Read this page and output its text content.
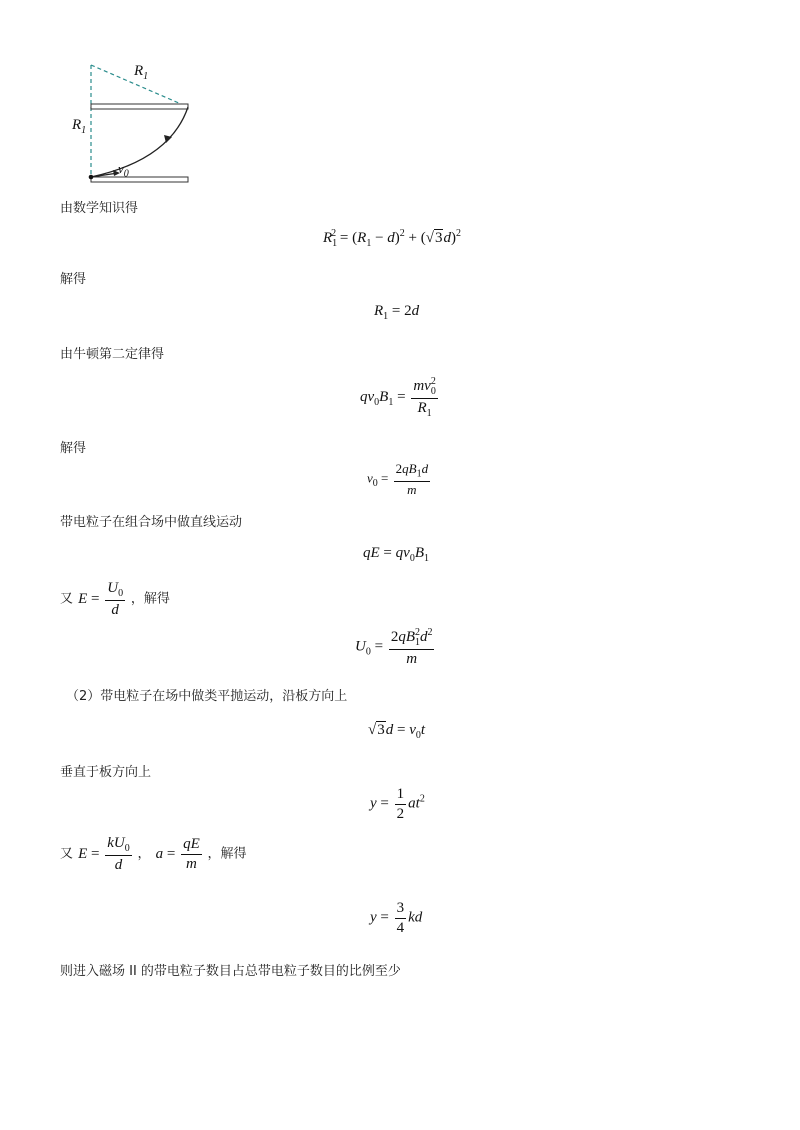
$R_1$
$R_1$
$v_0$
由数学知识得
$R_1^2 = (R_1 - d)^2 + (√3d)^2$
解得
$R_1 = 2d$
由牛顿第二定律得
$qv_0B_1 = \frac{mv_0^2}{R_1}$
解得
$v_0 = \frac{2qB_1d}{m}$
带电粒子在组合场中做直线运动
qE = $qv_0B_1$
又 $E = \frac{U_0}{d}$ ，解得
$U_0 = \frac{2qB_1^2d^2}{m}$
（2）带电粒子在场中做类平抛运动，沿板方向上
$√3d = v_0t$
垂直于板方向上
$y = \frac{1}{2} at^2$
又 $E = \frac{kU_0}{d}$ ， $a = \frac{qE}{m}$ ，解得
$y = \frac{3}{4}$ kd
则进入磁场 II 的带电粒子数目占总带电粒子数目的比例至少
